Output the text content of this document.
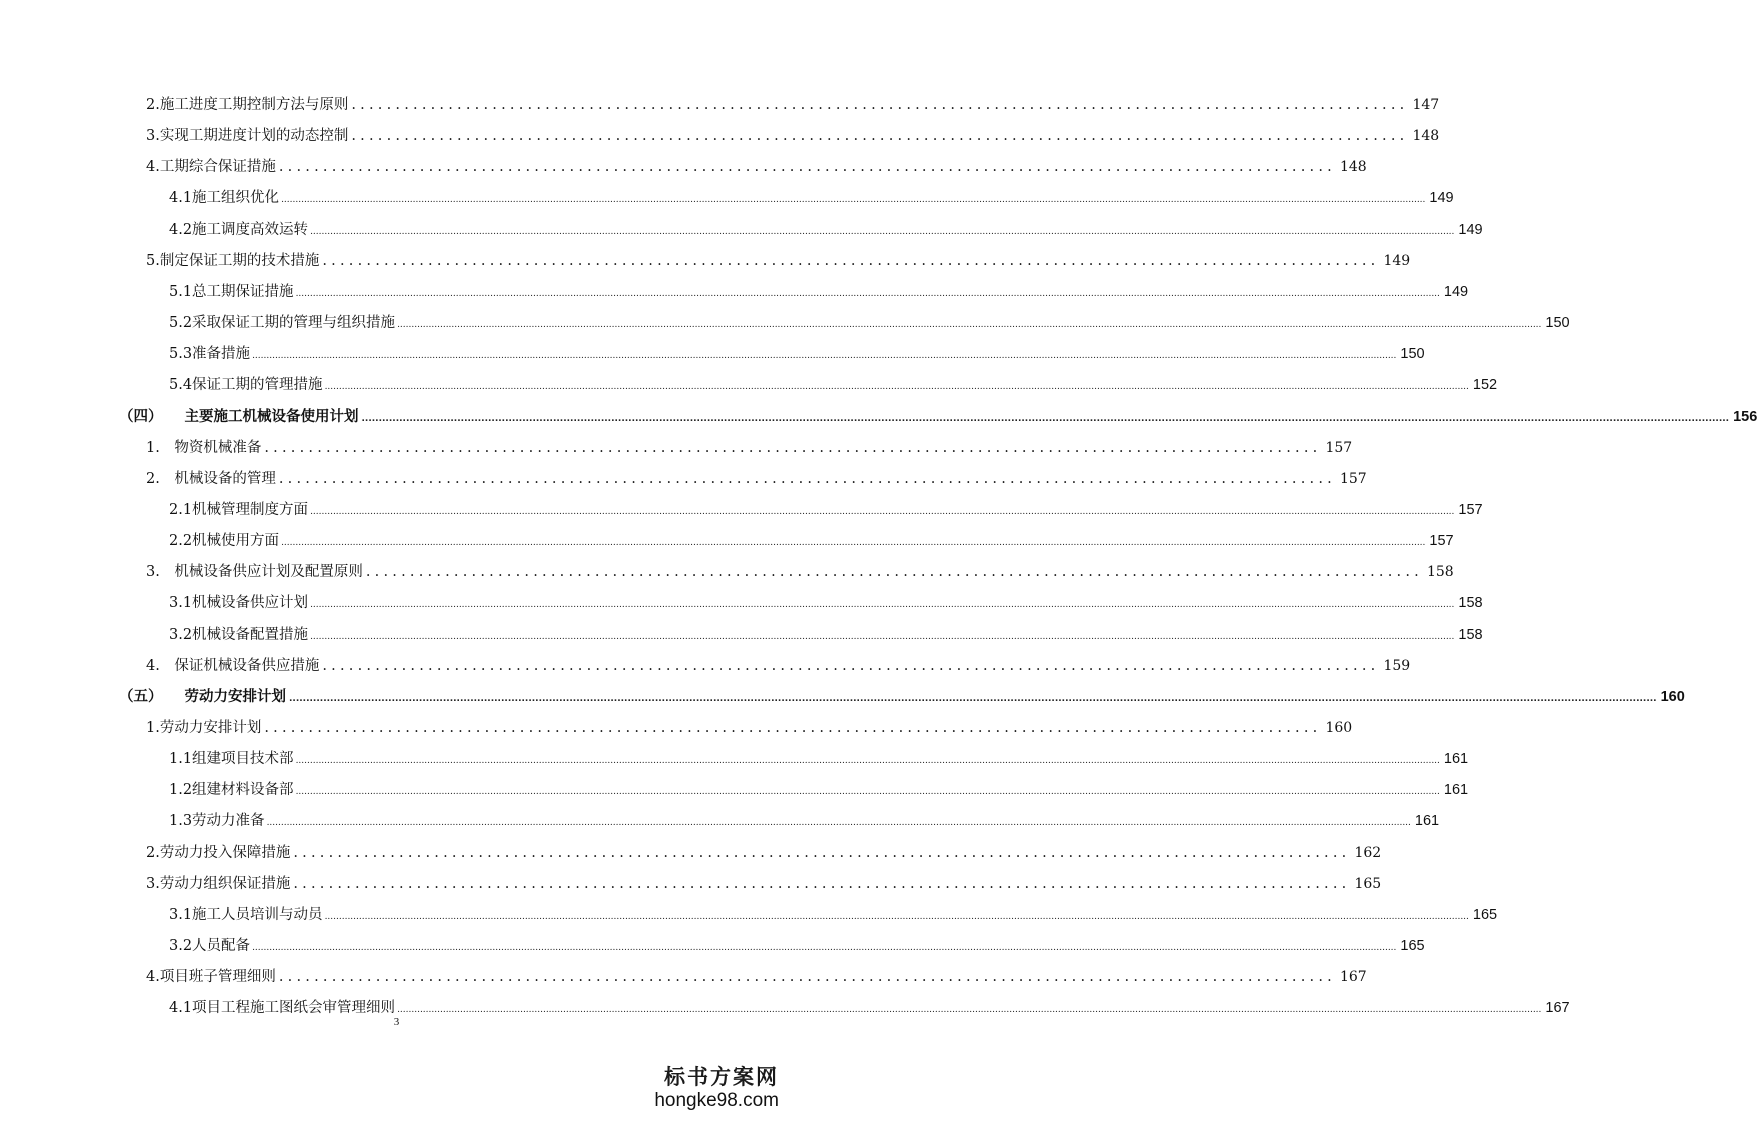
2.施工进度工期控制方法与原则 ........................................................................................................................ 147
3.实现工期进度计划的动态控制 ........................................................................................................................ 148
4.工期综合保证措施 ........................................................................................................................ 148
4.1施工组织优化 ................................................................................................................................................................................................................................................................................................................................................................................................................ 149
4.2施工调度高效运转 ................................................................................................................................................................................................................................................................................................................................................................................................................ 149
5.制定保证工期的技术措施 ........................................................................................................................ 149
5.1总工期保证措施 ................................................................................................................................................................................................................................................................................................................................................................................................................ 149
5.2采取保证工期的管理与组织措施 ................................................................................................................................................................................................................................................................................................................................................................................................................ 150
5.3准备措施 ................................................................................................................................................................................................................................................................................................................................................................................................................ 150
5.4保证工期的管理措施 ................................................................................................................................................................................................................................................................................................................................................................................................................ 152
（四） 主要施工机械设备使用计划 ................................................................................................................................................................................................................................................................................................................................................................................................................ 156
1.　物资机械准备 ........................................................................................................................ 157
2.　机械设备的管理 ........................................................................................................................ 157
2.1机械管理制度方面 ................................................................................................................................................................................................................................................................................................................................................................................................................ 157
2.2机械使用方面 ................................................................................................................................................................................................................................................................................................................................................................................................................ 157
3.　机械设备供应计划及配置原则 ........................................................................................................................ 158
3.1机械设备供应计划 ................................................................................................................................................................................................................................................................................................................................................................................................................ 158
3.2机械设备配置措施 ................................................................................................................................................................................................................................................................................................................................................................................................................ 158
4.　保证机械设备供应措施 ........................................................................................................................ 159
（五） 劳动力安排计划 ................................................................................................................................................................................................................................................................................................................................................................................................................ 160
1.劳动力安排计划 ........................................................................................................................ 160
1.1组建项目技术部 ................................................................................................................................................................................................................................................................................................................................................................................................................ 161
1.2组建材料设备部 ................................................................................................................................................................................................................................................................................................................................................................................................................ 161
1.3劳动力准备 ................................................................................................................................................................................................................................................................................................................................................................................................................ 161
2.劳动力投入保障措施 ........................................................................................................................ 162
3.劳动力组织保证措施 ........................................................................................................................ 165
3.1施工人员培训与动员 ................................................................................................................................................................................................................................................................................................................................................................................................................ 165
3.2人员配备 ................................................................................................................................................................................................................................................................................................................................................................................................................ 165
4.项目班子管理细则 ........................................................................................................................ 167
4.1项目工程施工图纸会审管理细则 ................................................................................................................................................................................................................................................................................................................................................................................................................ 167
3
标书方案网
hongke98.com
